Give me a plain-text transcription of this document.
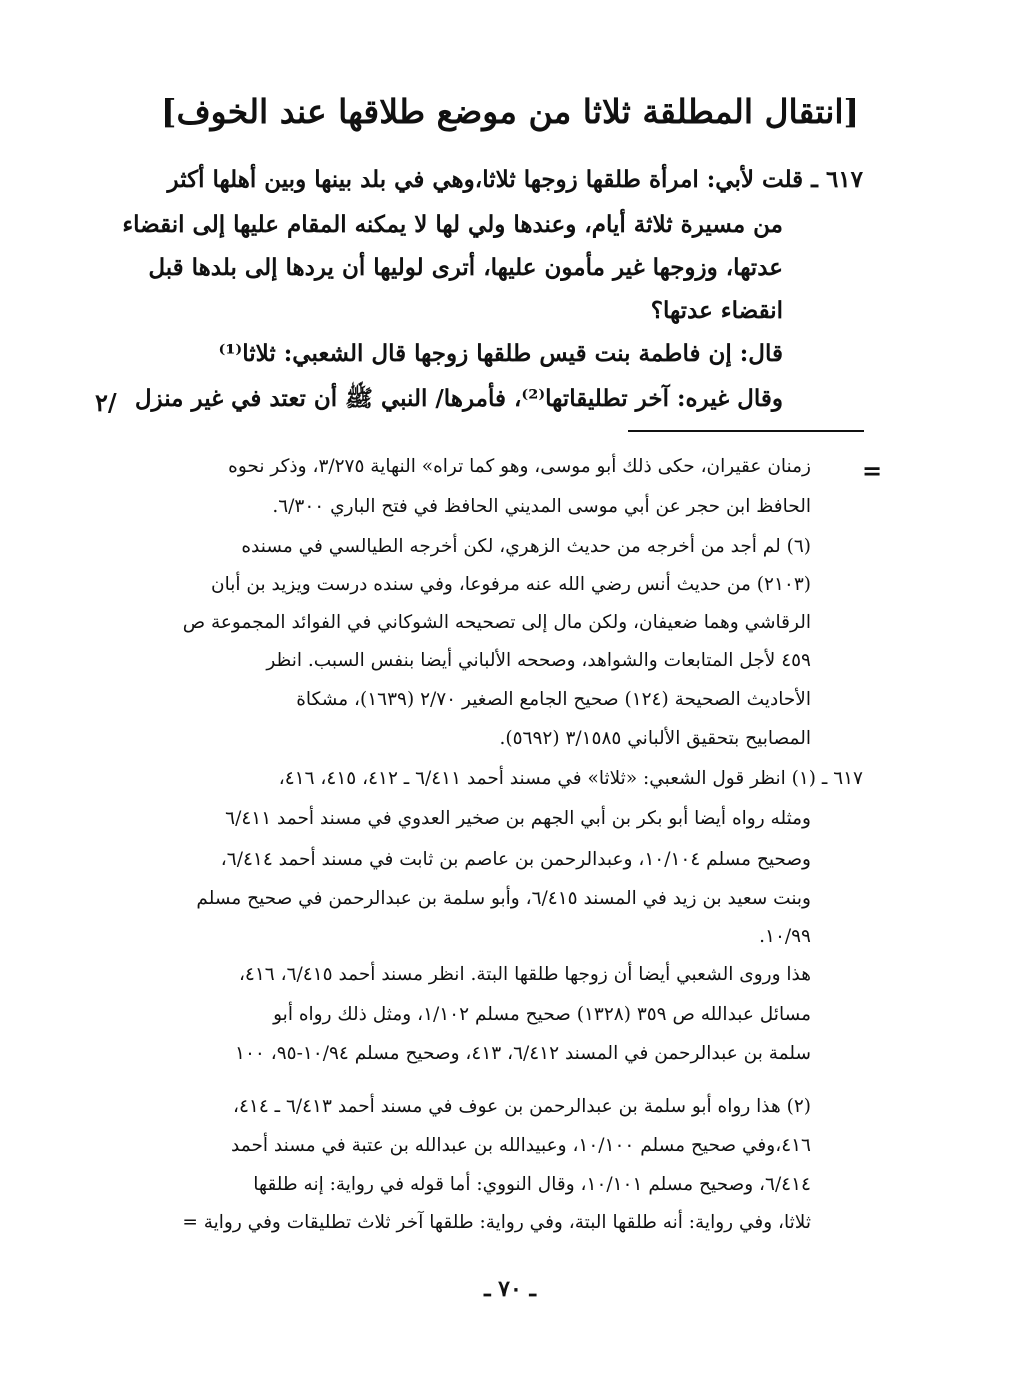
[انتقال المطلقة ثلاثا من موضع طلاقها عند الخوف]
٦١٧ ـ قلت لأبي: امرأة طلقها زوجها ثلاثا،وهي في بلد بينها وبين أهلها أكثر
من مسيرة ثلاثة أيام، وعندها ولي لها لا يمكنه المقام عليها إلى انقضاء
عدتها، وزوجها غير مأمون عليها، أترى لوليها أن يردها إلى بلدها قبل
انقضاء عدتها؟
قال: إن فاطمة بنت قيس طلقها زوجها قال الشعبي: ثلاثا⁽¹⁾
وقال غيره: آخر تطليقاتها⁽²⁾، فأمرها/ النبي ﷺ أن تعتد في غير منزل
٢/
=
زمنان عقيران، حكى ذلك أبو موسى، وهو كما تراه» النهاية ٣/٢٧٥، وذكر نحوه
الحافظ ابن حجر عن أبي موسى المديني الحافظ في فتح الباري ٦/٣٠٠.
(٦) لم أجد من أخرجه من حديث الزهري، لكن أخرجه الطيالسي في مسنده
(٢١٠٣) من حديث أنس رضي الله عنه مرفوعا، وفي سنده درست ويزيد بن أبان
الرقاشي وهما ضعيفان، ولكن مال إلى تصحيحه الشوكاني في الفوائد المجموعة ص
٤٥٩ لأجل المتابعات والشواهد، وصححه الألباني أيضا بنفس السبب. انظر
الأحاديث الصحيحة (١٢٤) صحيح الجامع الصغير ٢/٧٠ (١٦٣٩)، مشكاة
المصابيح بتحقيق الألباني ٣/١٥٨٥ (٥٦٩٢).
٦١٧ ـ (١) انظر قول الشعبي: «ثلاثا» في مسند أحمد ٦/٤١١ ـ ٤١٢، ٤١٥، ٤١٦،
ومثله رواه أيضا أبو بكر بن أبي الجهم بن صخير العدوي في مسند أحمد ٦/٤١١
وصحيح مسلم ١٠/١٠٤، وعبدالرحمن بن عاصم بن ثابت في مسند أحمد ٦/٤١٤،
وبنت سعيد بن زيد في المسند ٦/٤١٥، وأبو سلمة بن عبدالرحمن في صحيح مسلم
١٠/٩٩.
هذا وروى الشعبي أيضا أن زوجها طلقها البتة. انظر مسند أحمد ٦/٤١٥، ٤١٦،
مسائل عبدالله ص ٣٥٩ (١٣٢٨) صحيح مسلم ١/١٠٢، ومثل ذلك رواه أبو
سلمة بن عبدالرحمن في المسند ٦/٤١٢، ٤١٣، وصحيح مسلم ١٠/٩٤-٩٥، ١٠٠
(٢) هذا رواه أبو سلمة بن عبدالرحمن بن عوف في مسند أحمد ٦/٤١٣ ـ ٤١٤،
٤١٦،وفي صحيح مسلم ١٠/١٠٠، وعبيدالله بن عبدالله بن عتبة في مسند أحمد
٦/٤١٤، وصحيح مسلم ١٠/١٠١، وقال النووي: أما قوله في رواية: إنه طلقها
ثلاثا، وفي رواية: أنه طلقها البتة، وفي رواية: طلقها آخر ثلاث تطليقات وفي رواية =
ـ ٧٠ ـ
